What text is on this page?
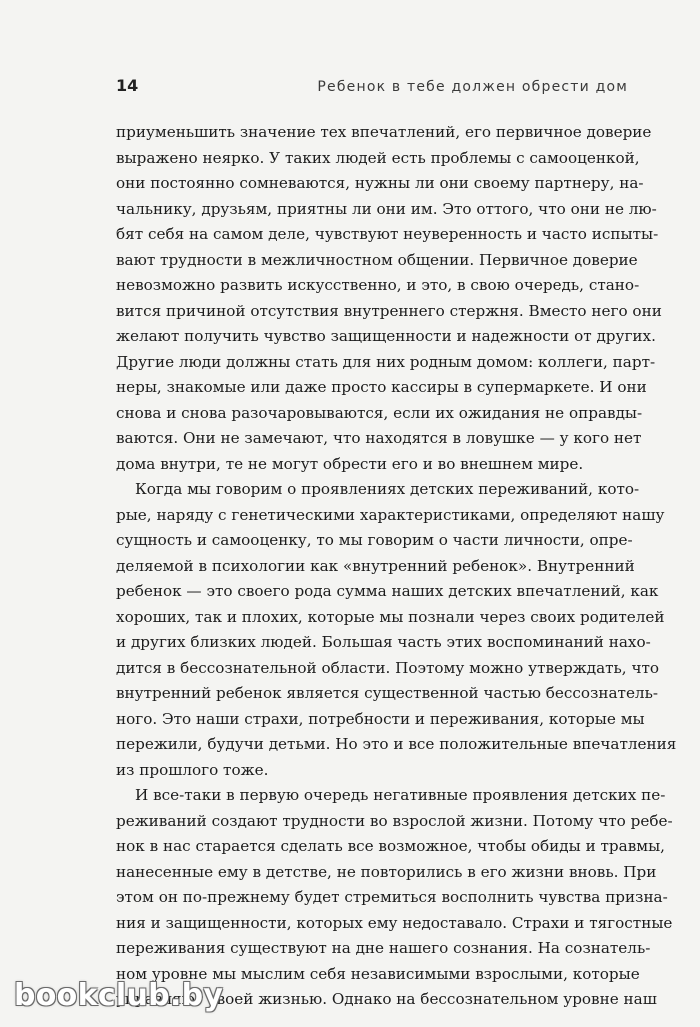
14	Ребенок в тебе должен обрести дом
приуменьшить значение тех впечатлений, его первичное доверие
выражено неярко. У таких людей есть проблемы с самооценкой,
они постоянно сомневаются, нужны ли они своему партнеру, на-
чальнику, друзьям, приятны ли они им. Это оттого, что они не лю-
бят себя на самом деле, чувствуют неуверенность и часто испыты-
вают трудности в межличностном общении. Первичное доверие
невозможно развить искусственно, и это, в свою очередь, стано-
вится причиной отсутствия внутреннего стержня. Вместо него они
желают получить чувство защищенности и надежности от других.
Другие люди должны стать для них родным домом: коллеги, парт-
неры, знакомые или даже просто кассиры в супермаркете. И они
снова и снова разочаровываются, если их ожидания не оправды-
ваются. Они не замечают, что находятся в ловушке — у кого нет
дома внутри, те не могут обрести его и во внешнем мире.
Когда мы говорим о проявлениях детских переживаний, кото-
рые, наряду с генетическими характеристиками, определяют нашу
сущность и самооценку, то мы говорим о части личности, опре-
деляемой в психологии как «внутренний ребенок». Внутренний
ребенок — это своего рода сумма наших детских впечатлений, как
хороших, так и плохих, которые мы познали через своих родителей
и других близких людей. Большая часть этих воспоминаний нахо-
дится в бессознательной области. Поэтому можно утверждать, что
внутренний ребенок является существенной частью бессознатель-
ного. Это наши страхи, потребности и переживания, которые мы
пережили, будучи детьми. Но это и все положительные впечатления
из прошлого тоже.
И все-таки в первую очередь негативные проявления детских пе-
реживаний создают трудности во взрослой жизни. Потому что ребе-
нок в нас старается сделать все возможное, чтобы обиды и травмы,
нанесенные ему в детстве, не повторились в его жизни вновь. При
этом он по-прежнему будет стремиться восполнить чувства призна-
ния и защищенности, которых ему недоставало. Страхи и тягостные
переживания существуют на дне нашего сознания. На сознатель-
ном уровне мы мыслим себя независимыми взрослыми, которые
управляют своей жизнью. Однако на бессознательном уровне наш
bookclub.by
